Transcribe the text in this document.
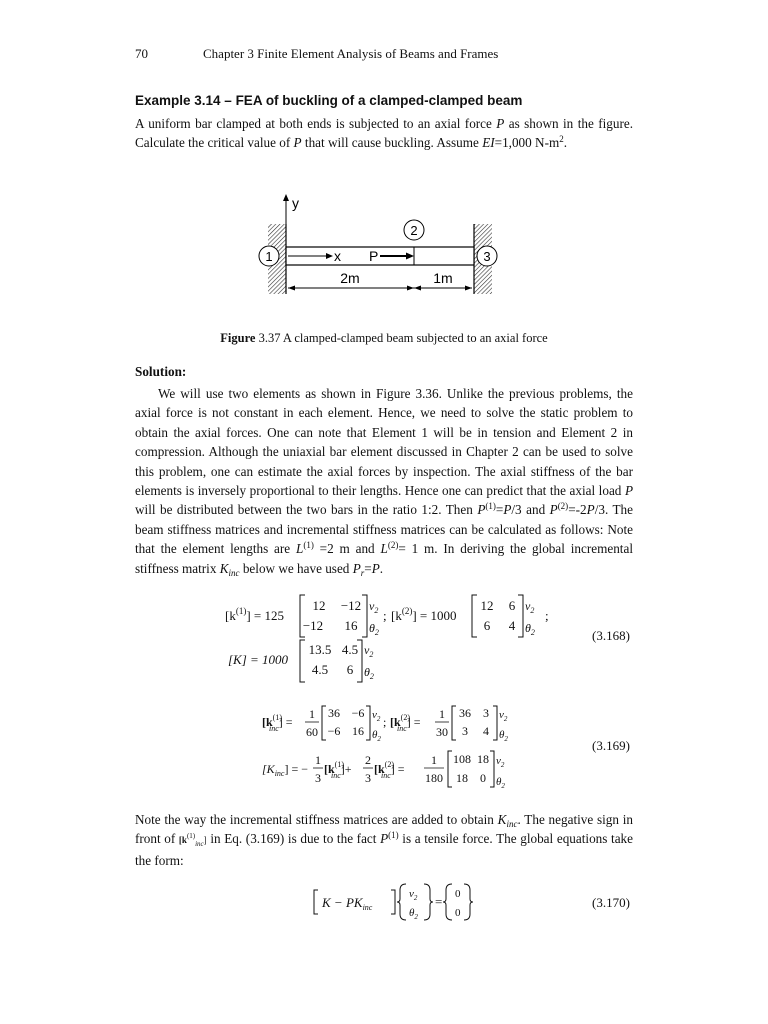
70	Chapter 3 Finite Element Analysis of Beams and Frames
Example 3.14 – FEA of buckling of a clamped-clamped beam

A uniform bar clamped at both ends is subjected to an axial force P as shown in the figure. Calculate the critical value of P that will cause buckling. Assume EI=1,000 $N-m^2$.

y
x P
1
2
3
2m	1m
Figure 3.37 A clamped-clamped beam subjected to an axial force
Solution:

We will use two elements as shown in Figure 3.36. Unlike the previous problems, the axial force is not constant in each element. Hence, we need to solve the static problem to obtain the axial forces. One can note that Element 1 will be in tension and Element 2 in compression. Although the uniaxial bar element discussed in Chapter 2 can be used to solve this problem, one can estimate the axial forces by inspection. The axial stiffness of the bar elements is inversely proportional to their lengths. Hence one can predict that the axial load P will be distributed between the two bars in the ratio 1:2. Then $P^{(1)}=P/3$ and $P^{(2)}=-2P/3$. The beam stiffness matrices and incremental stiffness matrices can be calculated as follows: Note that the element lengths are $L^{(1)} =2$ m and $L^{(2)}= 1$ m. In deriving the global incremental stiffness matrix $K_{inc}$ below we have used $P_r=P$.

$[k^{(1)}] = 125$
12 −12
−12 16
$v_2$
$\theta_2$
; $[k^{(2)}] = 1000$
12 6
6 4
$v_2$
$\theta_2$
;
[K] = 1000
13.5 4.5
4.5 6
$v_2$
$\theta_2$
(3.168)
[$k^{(1)}$ inc] =
1
60
36 −6
−6 16
$v_2$
$\theta_2$
; [$k^{(2)}$ inc] =
1
30
36 3
3 4
$v_2$
$\theta_2$
$[K_{inc}]$ = −
1
3
[$k^{(1)}$ inc]+
2
3
[$k^{(2)}$ inc] =
1
180
108 18
18 0
$v_2$
$\theta_2$
(3.169)

Note the way the incremental stiffness matrices are added to obtain $K_{inc}$. The negative sign in front of $[k^{(1)}_{inc}]$ in Eq. (3.169) is due to the fact $P^{(1)}$ is a tensile force. The global equations take the form:

$K - PK_{inc}$
$v_2$
$\theta_2$
= 0
0
(3.170)
